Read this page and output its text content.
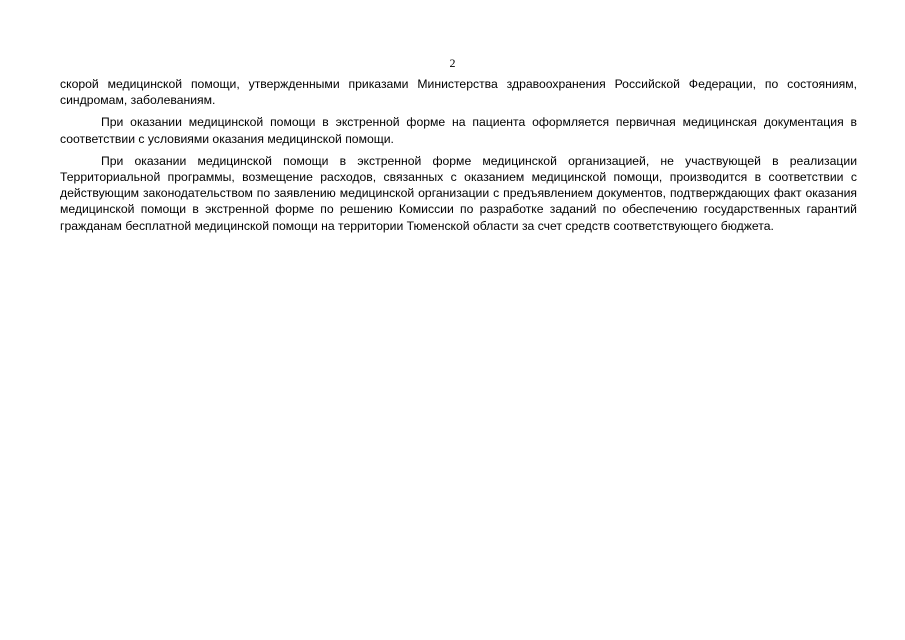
2

скорой медицинской помощи, утвержденными приказами Министерства здравоохранения Российской Федерации, по состояниям, синдромам, заболеваниям.

При оказании медицинской помощи в экстренной форме на пациента оформляется первичная медицинская документация в соответствии с условиями оказания медицинской помощи.

При оказании медицинской помощи в экстренной форме медицинской организацией, не участвующей в реализации Территориальной программы, возмещение расходов, связанных с оказанием медицинской помощи, производится в соответствии с действующим законодательством по заявлению медицинской организации с предъявлением документов, подтверждающих факт оказания медицинской помощи в экстренной форме по решению Комиссии по разработке заданий по обеспечению государственных гарантий гражданам бесплатной медицинской помощи на территории Тюменской области за счет средств соответствующего бюджета.
